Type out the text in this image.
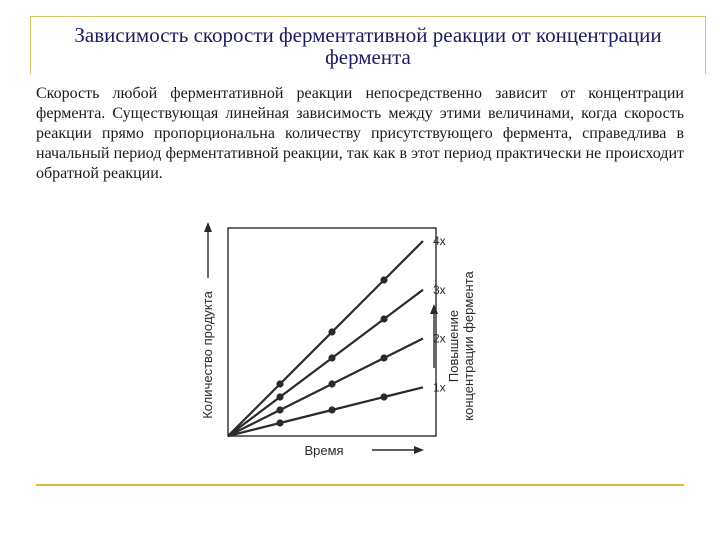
Зависимость скорости ферментативной реакции от концентрации фермента

Скорость любой ферментативной реакции непосредственно зависит от концентрации фермента. Существующая линейная зависимость между этими величинами, когда скорость реакции прямо пропорциональна количеству присутствующего фермента, справедлива в начальный период ферментативной реакции, так как в этот период практически не происходит обратной реакции.

1x
2x
3x
4x
Время
Количество продукта	Повышение концентрации фермента
